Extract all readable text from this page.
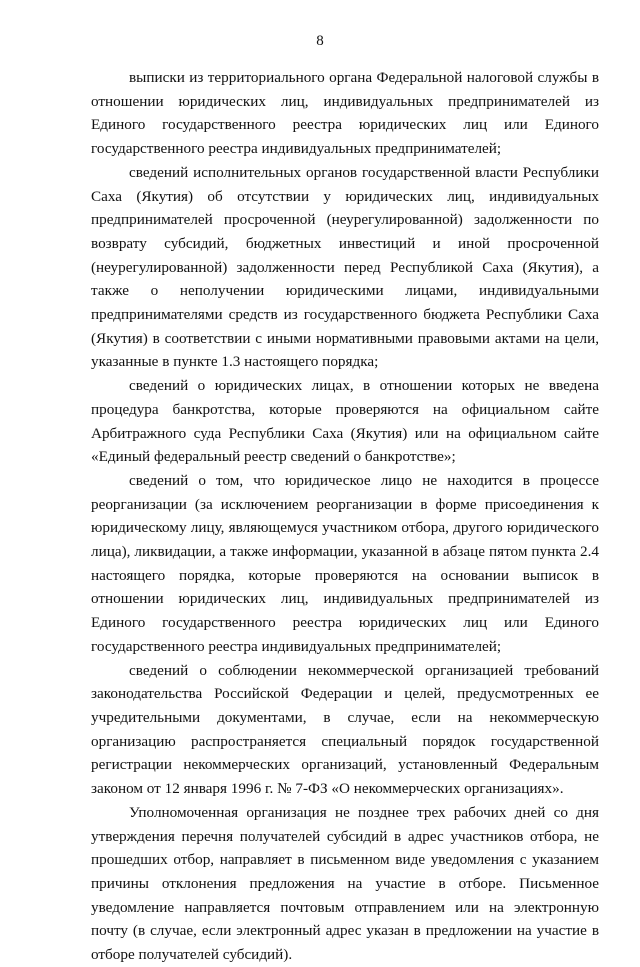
8

выписки из территориального органа Федеральной налоговой службы в отношении юридических лиц, индивидуальных предпринимателей из Единого государственного реестра юридических лиц или Единого государственного реестра индивидуальных предпринимателей;

сведений исполнительных органов государственной власти Республики Саха (Якутия) об отсутствии у юридических лиц, индивидуальных предпринимателей просроченной (неурегулированной) задолженности по возврату субсидий, бюджетных инвестиций и иной просроченной (неурегулированной) задолженности перед Республикой Саха (Якутия), а также о неполучении юридическими лицами, индивидуальными предпринимателями средств из государственного бюджета Республики Саха (Якутия) в соответствии с иными нормативными правовыми актами на цели, указанные в пункте 1.3 настоящего порядка;

сведений о юридических лицах, в отношении которых не введена процедура банкротства, которые проверяются на официальном сайте Арбитражного суда Республики Саха (Якутия) или на официальном сайте «Единый федеральный реестр сведений о банкротстве»;

сведений о том, что юридическое лицо не находится в процессе реорганизации (за исключением реорганизации в форме присоединения к юридическому лицу, являющемуся участником отбора, другого юридического лица), ликвидации, а также информации, указанной в абзаце пятом пункта 2.4 настоящего порядка, которые проверяются на основании выписок в отношении юридических лиц, индивидуальных предпринимателей из Единого государственного реестра юридических лиц или Единого государственного реестра индивидуальных предпринимателей;

сведений о соблюдении некоммерческой организацией требований законодательства Российской Федерации и целей, предусмотренных ее учредительными документами, в случае, если на некоммерческую организацию распространяется специальный порядок государственной регистрации некоммерческих организаций, установленный Федеральным законом от 12 января 1996 г. № 7-ФЗ «О некоммерческих организациях».

Уполномоченная организация не позднее трех рабочих дней со дня утверждения перечня получателей субсидий в адрес участников отбора, не прошедших отбор, направляет в письменном виде уведомления с указанием причины отклонения предложения на участие в отборе. Письменное уведомление направляется почтовым отправлением или на электронную почту (в случае, если электронный адрес указан в предложении на участие в отборе получателей субсидий).
